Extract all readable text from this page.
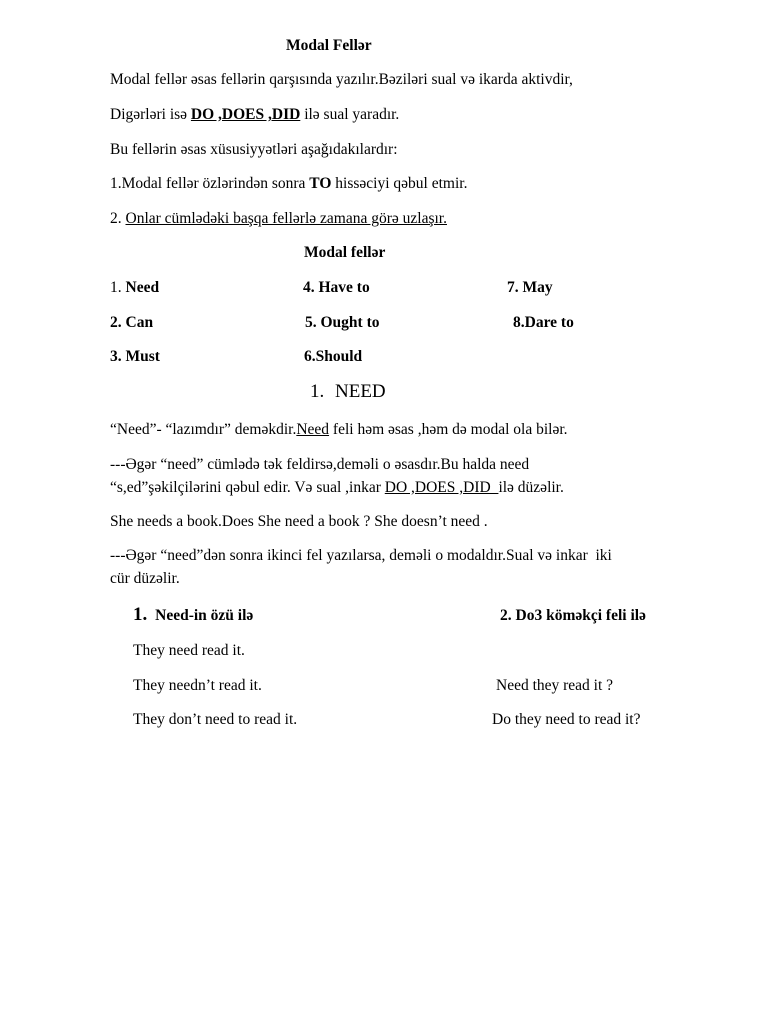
Modal Fellər
Modal fellər əsas fellərin qarşısında yazılır.Bəziləri sual və ikarda aktivdir,
Digərləri isə DO ,DOES ,DID ilə sual yaradır.
Bu fellərin əsas xüsusiyyətləri aşağıdakılardır:
1.Modal fellər özlərindən sonra TO hissəciyi qəbul etmir.
2. Onlar cümlədəki başqa fellərlə zamana görə uzlaşır.
Modal fellər
1. Need
2. Can
3. Must
4. Have to
5. Ought to
6.Should
7. May
8.Dare to
1. NEED
“Need”- “lazımdır” deməkdir.Need feli həm əsas ,həm də modal ola bilər.
---Əgər “need” cümlədə tək feldirsə,deməli o əsasdır.Bu halda need
“s,ed”şəkilçilərini qəbul edir. Və sual ,inkar DO ,DOES ,DID  ilə düzəlir.
She needs a book.Does She need a book ? She doesn’t need .
---Əgər “need”dən sonra ikinci fel yazılarsa, deməli o modaldır.Sual və inkar  iki
cür düzəlir.
1. Need-in özü ilə	2. Do3 köməkçi feli ilə
They need read it.
They needn’t read it.
They don’t need to read it.
Need they read it ?
Do they need to read it?
